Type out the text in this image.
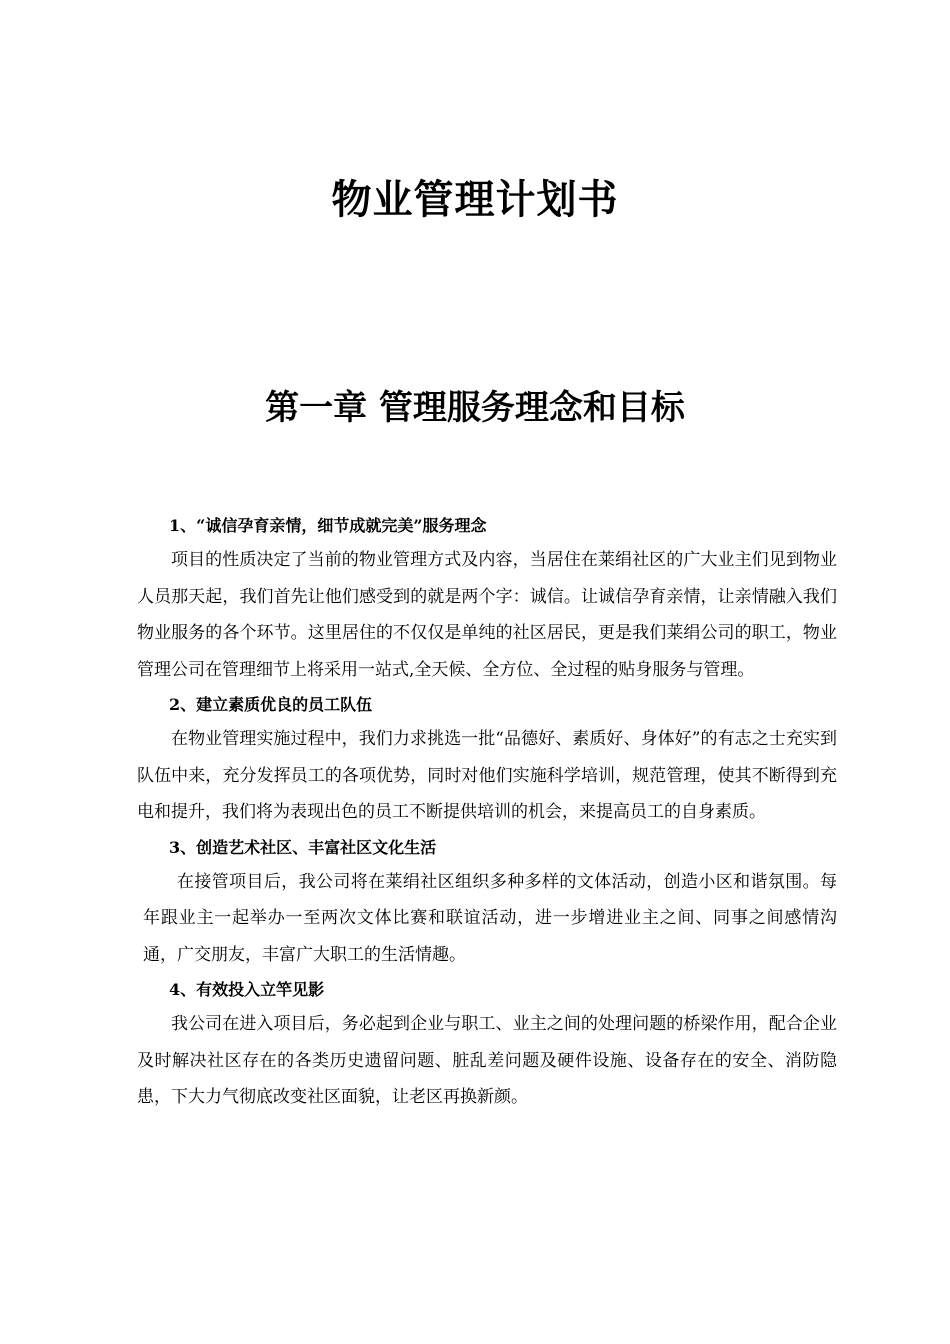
物业管理计划书
第一章 管理服务理念和目标

1、“诚信孕育亲情，细节成就完美”服务理念

项目的性质决定了当前的物业管理方式及内容，当居住在莱绢社区的广大业主们见到物业人员那天起，我们首先让他们感受到的就是两个字：诚信。让诚信孕育亲情，让亲情融入我们物业服务的各个环节。这里居住的不仅仅是单纯的社区居民，更是我们莱绢公司的职工，物业管理公司在管理细节上将采用一站式,全天候、全方位、全过程的贴身服务与管理。

2、建立素质优良的员工队伍

在物业管理实施过程中，我们力求挑选一批“品德好、素质好、身体好”的有志之士充实到队伍中来，充分发挥员工的各项优势，同时对他们实施科学培训，规范管理，使其不断得到充电和提升，我们将为表现出色的员工不断提供培训的机会，来提高员工的自身素质。

3、创造艺术社区、丰富社区文化生活

在接管项目后，我公司将在莱绢社区组织多种多样的文体活动，创造小区和谐氛围。每年跟业主一起举办一至两次文体比赛和联谊活动，进一步增进业主之间、同事之间感情沟通，广交朋友，丰富广大职工的生活情趣。

4、有效投入立竿见影

我公司在进入项目后，务必起到企业与职工、业主之间的处理问题的桥梁作用，配合企业及时解决社区存在的各类历史遗留问题、脏乱差问题及硬件设施、设备存在的安全、消防隐患，下大力气彻底改变社区面貌，让老区再换新颜。
